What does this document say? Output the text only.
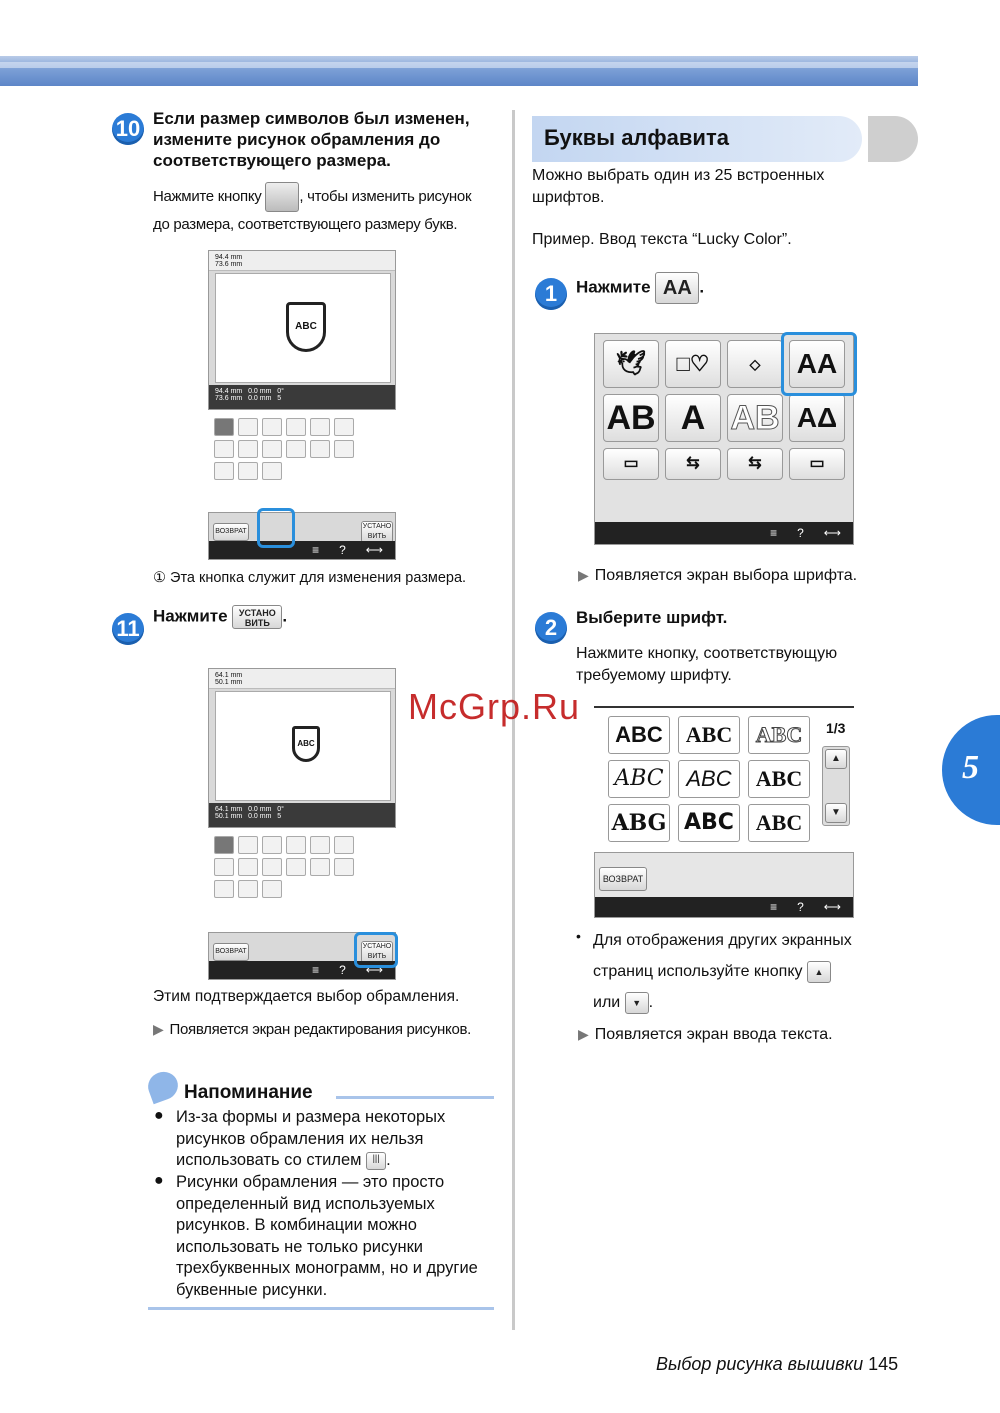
10 Если размер символов был изменен, измените рисунок обрамления до соответствующего размера.
Нажмите кнопку	, чтобы изменить рисунок
до размера, соответствующего размеру букв.
94.4 mm
73.6 mm
ABC
94.4 mm 0.0 mm 0°
73.6 mm 0.0 mm 5
ВОЗВРАТ
УСТАНО ВИТЬ
≡ ? ⟷
① Эта кнопка служит для изменения размера.
11
Нажмите УСТАНО ВИТЬ .
64.1 mm
50.1 mm
ABC
64.1 mm 0.0 mm 0°
50.1 mm 0.0 mm 5
ВОЗВРАТ
УСТАНО ВИТЬ
≡ ? ⟷
Этим подтверждается выбор обрамления.
▶ Появляется экран редактирования рисунков.
Напоминание
● Из-за формы и размера некоторых рисунков обрамления их нельзя использовать со стилем ||| .
● Рисунки обрамления — это просто определенный вид используемых рисунков. В комбинации можно использовать не только рисунки трехбуквенных монограмм, но и другие буквенные рисунки.
Буквы алфавита
Можно выбрать один из 25 встроенных шрифтов.
Пример. Ввод текста “Lucky Color”.
1	Нажмите AA .
🕊	□♡	◇	AA
AB A AB AΔ
▭	⇆	⇆	▭
≡ ? ⟷
▶ Появляется экран выбора шрифта.
2	Выберите шрифт.
Нажмите кнопку, соответствующую требуемому шрифту.
ABC	ABC	ABC
ABC	ABC	ABC
ABG ABC ABC
1/3
▲
▼
ВОЗВРАТ
≡ ? ⟷
• Для отображения других экранных
страниц используйте кнопку ▲
или ▼ .
▶ Появляется экран ввода текста.
5
McGrp.Ru
Выбор рисунка вышивки 145
